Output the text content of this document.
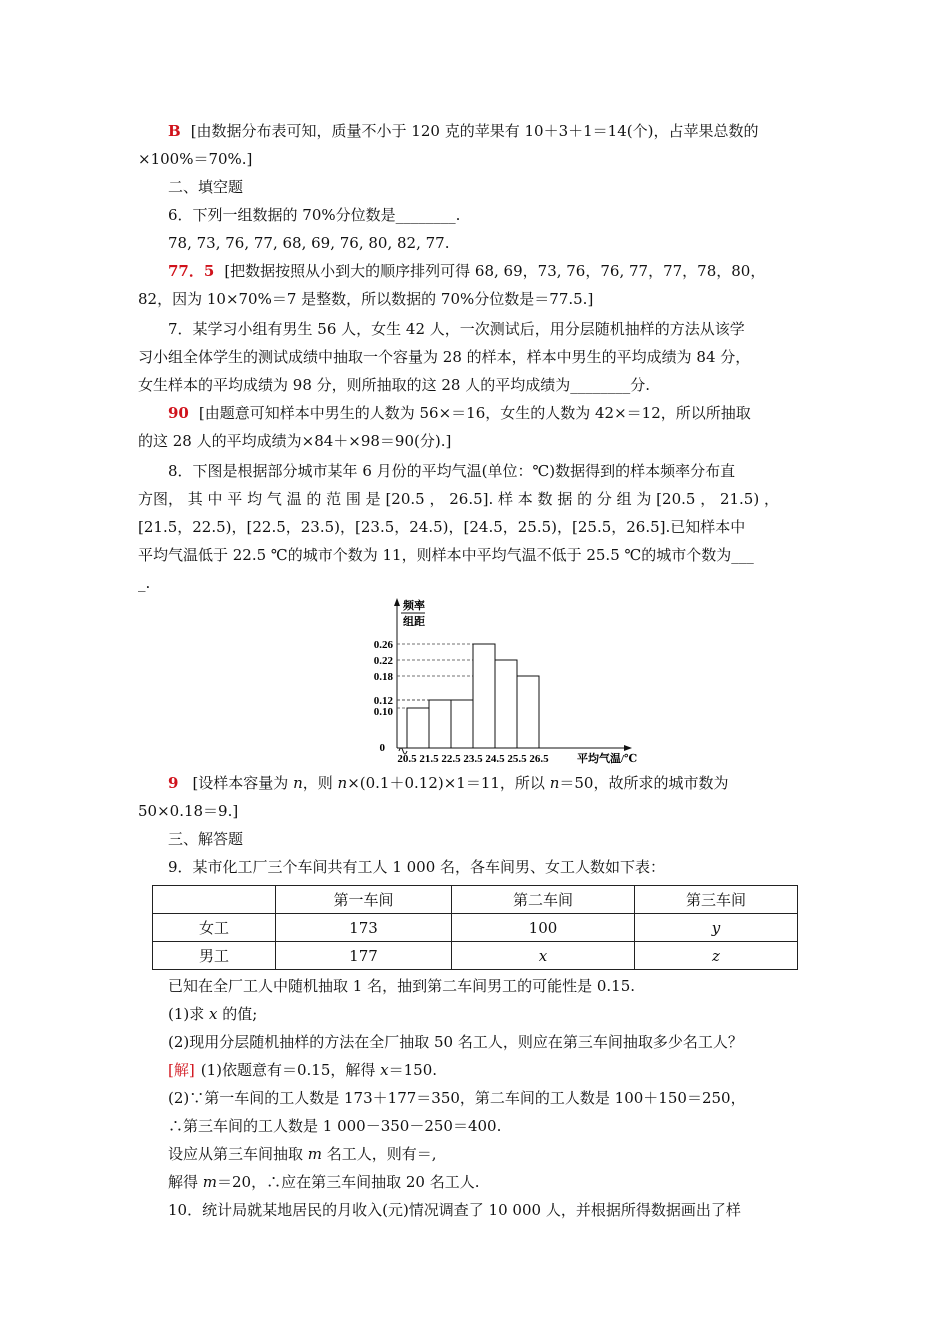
B [由数据分布表可知，质量不小于 120 克的苹果有 10＋3＋1＝14(个)，占苹果总数的
×100%＝70%.]
二、填空题
6．下列一组数据的 70%分位数是________.
78, 73, 76, 77, 68, 69, 76, 80, 82, 77.
77．5 [把数据按照从小到大的顺序排列可得 68, 69，73, 76，76, 77，77，78，80，
82，因为 10×70%＝7 是整数，所以数据的 70%分位数是＝77.5.]
7．某学习小组有男生 56 人，女生 42 人，一次测试后，用分层随机抽样的方法从该学
习小组全体学生的测试成绩中抽取一个容量为 28 的样本，样本中男生的平均成绩为 84 分，
女生样本的平均成绩为 98 分，则所抽取的这 28 人的平均成绩为________分.
90 [由题意可知样本中男生的人数为 56×＝16，女生的人数为 42×＝12，所以所抽取
的这 28 人的平均成绩为×84＋×98＝90(分).]
8．下图是根据部分城市某年 6 月份的平均气温(单位：℃)数据得到的样本频率分布直
方图， 其 中 平 均 气 温 的 范 围 是 [20.5 ， 26.5]. 样 本 数 据 的 分 组 为 [20.5 ， 21.5) ，
[21.5，22.5)，[22.5，23.5)，[23.5，24.5)，[24.5，25.5)，[25.5，26.5].已知样本中
平均气温低于 22.5 ℃的城市个数为 11，则样本中平均气温不低于 25.5 ℃的城市个数为___
_.
0.10
0.12
0.18
0.22
0.26
0
20.5 21.5 22.5 23.5 24.5 25.5 26.5	平均气温/℃
频率
组距
9 [设样本容量为 n，则 n×(0.1＋0.12)×1＝11，所以 n＝50，故所求的城市数为
50×0.18＝9.]
三、解答题
9．某市化工厂三个车间共有工人 1 000 名，各车间男、女工人数如下表：
	第一车间	第二车间	第三车间
女工	173	100	y
男工	177	x	z
已知在全厂工人中随机抽取 1 名，抽到第二车间男工的可能性是 0.15.
(1)求 x 的值;
(2)现用分层随机抽样的方法在全厂抽取 50 名工人，则应在第三车间抽取多少名工人？
[解] (1)依题意有＝0.15，解得 x＝150.
(2)∵第一车间的工人数是 173＋177＝350，第二车间的工人数是 100＋150＝250，
∴第三车间的工人数是 1 000－350－250＝400.
设应从第三车间抽取 m 名工人，则有＝,
解得 m＝20，∴应在第三车间抽取 20 名工人.
10．统计局就某地居民的月收入(元)情况调查了 10 000 人，并根据所得数据画出了样
